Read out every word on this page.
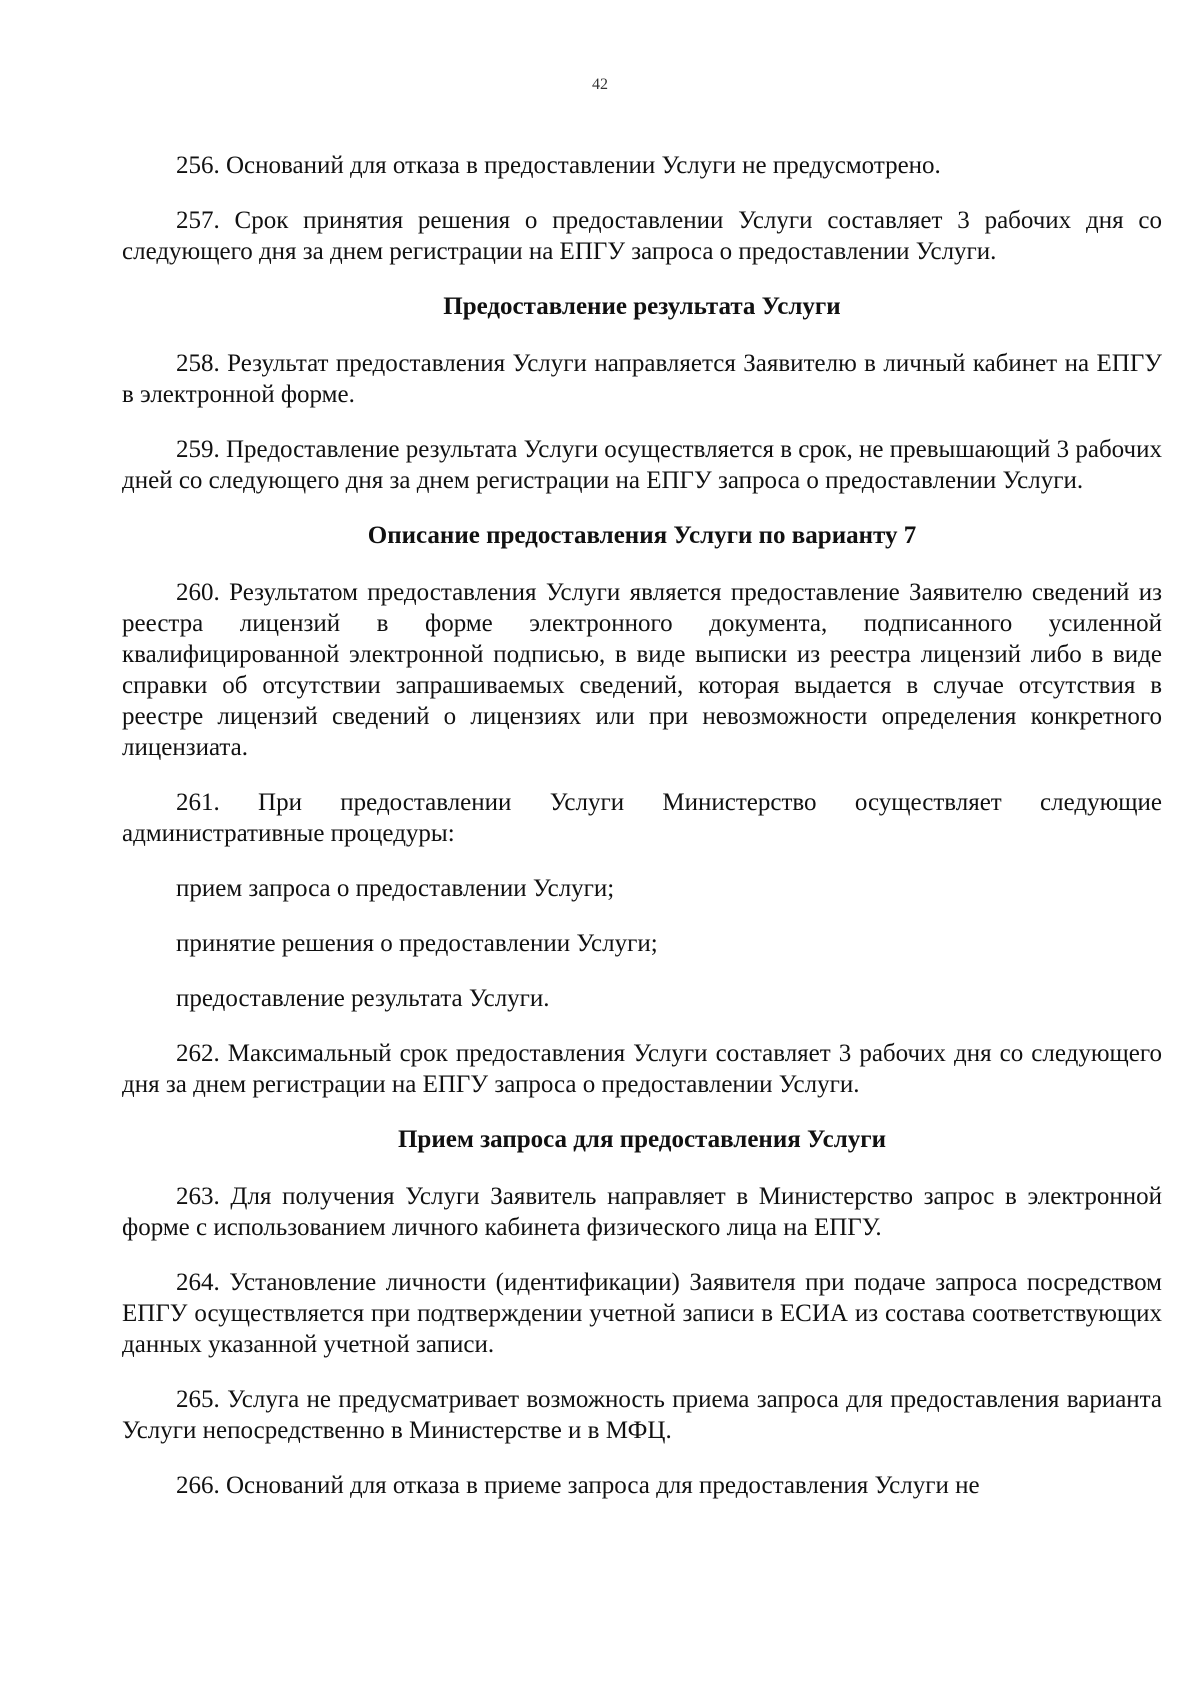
42

256. Оснований для отказа в предоставлении Услуги не предусмотрено.

257. Срок принятия решения о предоставлении Услуги составляет 3 рабочих дня со следующего дня за днем регистрации на ЕПГУ запроса о предоставлении Услуги.

Предоставление результата Услуги

258. Результат предоставления Услуги направляется Заявителю в личный кабинет на ЕПГУ в электронной форме.

259. Предоставление результата Услуги осуществляется в срок, не превышающий 3 рабочих дней со следующего дня за днем регистрации на ЕПГУ запроса о предоставлении Услуги.

Описание предоставления Услуги по варианту 7

260. Результатом предоставления Услуги является предоставление Заявителю сведений из реестра лицензий в форме электронного документа, подписанного усиленной квалифицированной электронной подписью, в виде выписки из реестра лицензий либо в виде справки об отсутствии запрашиваемых сведений, которая выдается в случае отсутствия в реестре лицензий сведений о лицензиях или при невозможности определения конкретного лицензиата.

261. При предоставлении Услуги Министерство осуществляет следующие административные процедуры:

прием запроса о предоставлении Услуги;

принятие решения о предоставлении Услуги;

предоставление результата Услуги.

262. Максимальный срок предоставления Услуги составляет 3 рабочих дня со следующего дня за днем регистрации на ЕПГУ запроса о предоставлении Услуги.

Прием запроса для предоставления Услуги

263. Для получения Услуги Заявитель направляет в Министерство запрос в электронной форме с использованием личного кабинета физического лица на ЕПГУ.

264. Установление личности (идентификации) Заявителя при подаче запроса посредством ЕПГУ осуществляется при подтверждении учетной записи в ЕСИА из состава соответствующих данных указанной учетной записи.

265. Услуга не предусматривает возможность приема запроса для предоставления варианта Услуги непосредственно в Министерстве и в МФЦ.

266. Оснований для отказа в приеме запроса для предоставления Услуги не
